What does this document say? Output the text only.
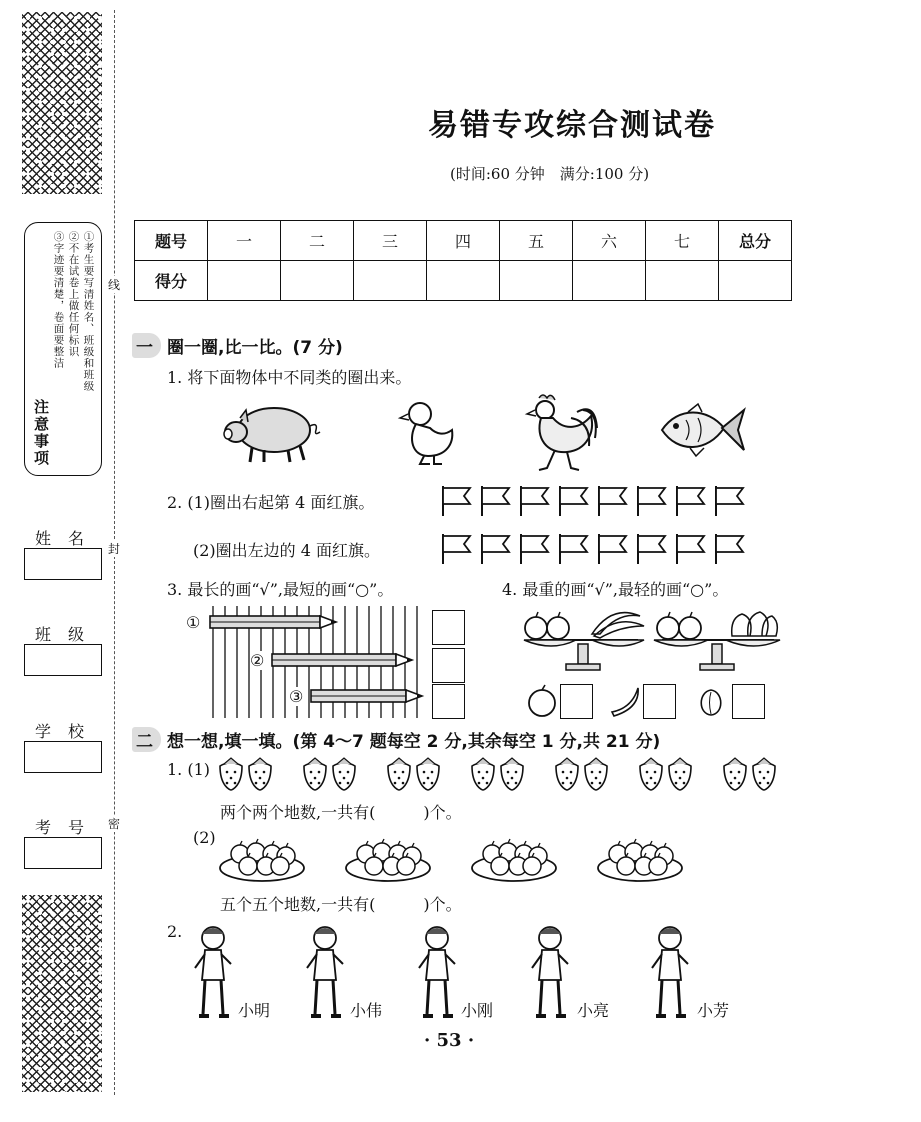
线
封
密
①考生要写清姓名、班级和班级
②不在试卷上做任何标识
③字迹要清楚，卷面要整洁
注意事项
姓 名
班 级
学 校
考 号
易错专攻综合测试卷
(时间:60 分钟　满分:100 分)
题号	一	二	三	四	五	六	七	总分
得分								
一 圈一圈,比一比。(7 分)
1. 将下面物体中不同类的圈出来。
2. (1)圈出右起第 4 面红旗。
(2)圈出左边的 4 面红旗。
3. 最长的画“√”,最短的画“○”。	4. 最重的画“√”,最轻的画“○”。
①
②
③
二 想一想,填一填。(第 4～7 题每空 2 分,其余每空 1 分,共 21 分)
1. (1)
两个两个地数,一共有(　　　)个。
(2)
五个五个地数,一共有(　　　)个。
2.
小明	小伟	小刚	小亮	小芳
· 53 ·
